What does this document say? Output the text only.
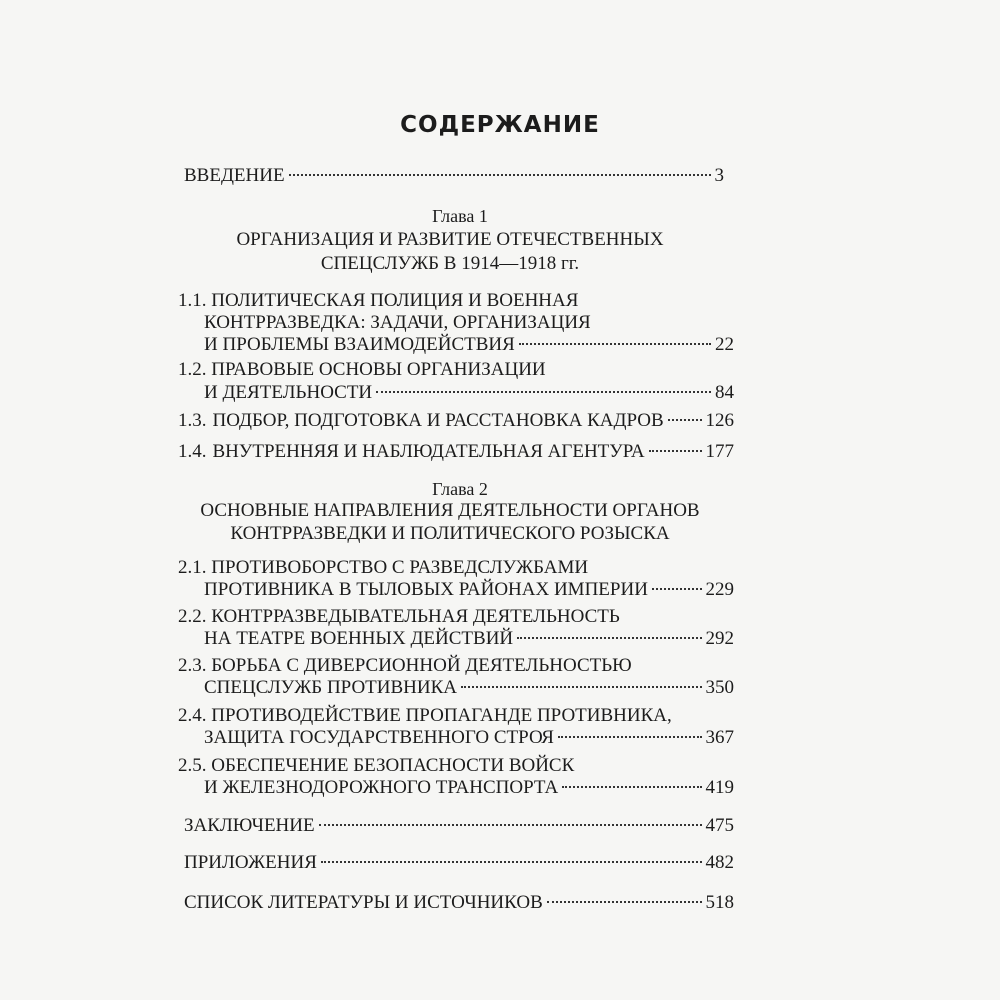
СОДЕРЖАНИЕ
ВВЕДЕНИЕ	3
Глава 1
ОРГАНИЗАЦИЯ И РАЗВИТИЕ ОТЕЧЕСТВЕННЫХ
СПЕЦСЛУЖБ В 1914—1918 гг.
1.1. ПОЛИТИЧЕСКАЯ ПОЛИЦИЯ И ВОЕННАЯ
КОНТРРАЗВЕДКА: ЗАДАЧИ, ОРГАНИЗАЦИЯ
И ПРОБЛЕМЫ ВЗАИМОДЕЙСТВИЯ	22
1.2. ПРАВОВЫЕ ОСНОВЫ ОРГАНИЗАЦИИ
И ДЕЯТЕЛЬНОСТИ	84
1.3. ПОДБОР, ПОДГОТОВКА И РАССТАНОВКА КАДРОВ 126
1.4. ВНУТРЕННЯЯ И НАБЛЮДАТЕЛЬНАЯ АГЕНТУРА	177
Глава 2
ОСНОВНЫЕ НАПРАВЛЕНИЯ ДЕЯТЕЛЬНОСТИ ОРГАНОВ
КОНТРРАЗВЕДКИ И ПОЛИТИЧЕСКОГО РОЗЫСКА
2.1. ПРОТИВОБОРСТВО С РАЗВЕДСЛУЖБАМИ
ПРОТИВНИКА В ТЫЛОВЫХ РАЙОНАХ ИМПЕРИИ	229
2.2. КОНТРРАЗВЕДЫВАТЕЛЬНАЯ ДЕЯТЕЛЬНОСТЬ
НА ТЕАТРЕ ВОЕННЫХ ДЕЙСТВИЙ	292
2.3. БОРЬБА С ДИВЕРСИОННОЙ ДЕЯТЕЛЬНОСТЬЮ
СПЕЦСЛУЖБ ПРОТИВНИКА	350
2.4. ПРОТИВОДЕЙСТВИЕ ПРОПАГАНДЕ ПРОТИВНИКА,
ЗАЩИТА ГОСУДАРСТВЕННОГО СТРОЯ	367
2.5. ОБЕСПЕЧЕНИЕ БЕЗОПАСНОСТИ ВОЙСК
И ЖЕЛЕЗНОДОРОЖНОГО ТРАНСПОРТА	419
ЗАКЛЮЧЕНИЕ	475
ПРИЛОЖЕНИЯ	482
СПИСОК ЛИТЕРАТУРЫ И ИСТОЧНИКОВ	518
